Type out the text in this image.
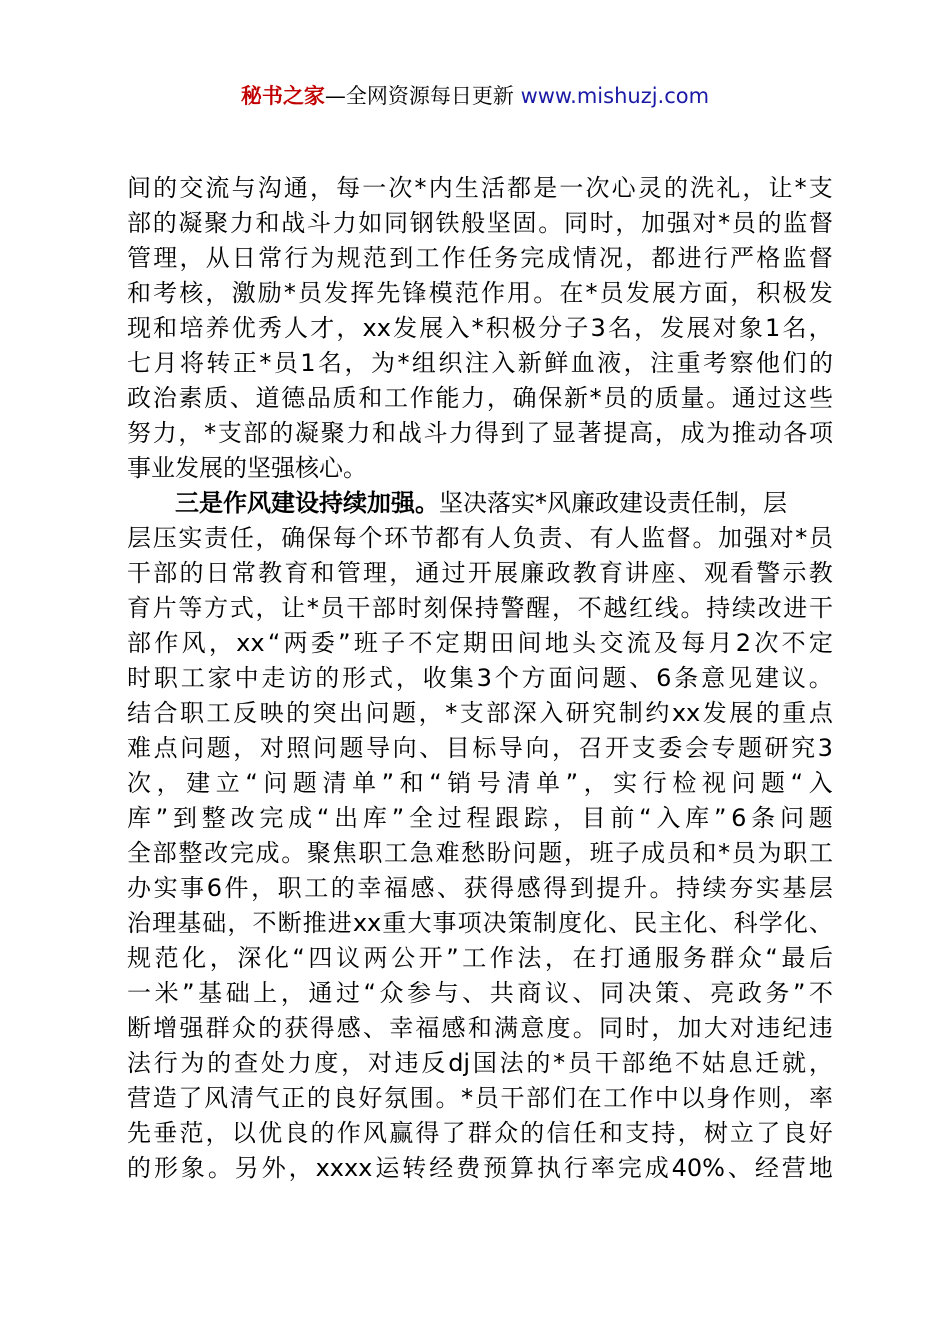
秘书之家—全网资源每日更新 www.mishuzj.com
间 的 交 流 与 沟 通 ， 每 一 次 * 内 生 活 都 是 一 次 心 灵 的 洗 礼 ， 让 * 支
部 的 凝 聚 力 和 战 斗 力 如 同 钢 铁 般 坚 固 。 同 时 ， 加 强 对 * 员 的 监 督
管 理 ， 从 日 常 行 为 规 范 到 工 作 任 务 完 成 情 况 ， 都 进 行 严 格 监 督
和 考 核 ， 激 励 * 员 发 挥 先 锋 模 范 作 用 。 在 * 员 发 展 方 面 ， 积 极 发
现 和 培 养 优 秀 人 才 ， xx 发 展 入 * 积 极 分 子 3 名 ， 发 展 对 象 1 名 ，
七 月 将 转 正 * 员 1 名 ， 为 * 组 织 注 入 新 鲜 血 液 ， 注 重 考 察 他 们 的
政 治 素 质 、 道 德 品 质 和 工 作 能 力 ， 确 保 新 * 员 的 质 量 。 通 过 这 些
努 力 ， * 支 部 的 凝 聚 力 和 战 斗 力 得 到 了 显 著 提 高 ， 成 为 推 动 各 项
事业发展的坚强核心。
三是作风建设持续加强。 坚决落实*风廉政建设责任制，层
层 压 实 责 任 ， 确 保 每 个 环 节 都 有 人 负 责 、 有 人 监 督 。 加 强 对 * 员
干 部 的 日 常 教 育 和 管 理 ， 通 过 开 展 廉 政 教 育 讲 座 、 观 看 警 示 教
育 片 等 方 式 ， 让 * 员 干 部 时 刻 保 持 警 醒 ， 不 越 红 线 。 持 续 改 进 干
部 作 风 ， xx “ 两 委 ” 班 子 不 定 期 田 间 地 头 交 流 及 每 月 2 次 不 定
时 职 工 家 中 走 访 的 形 式 ， 收 集 3 个 方 面 问 题 、 6 条 意 见 建 议 。
结 合 职 工 反 映 的 突 出 问 题 ， * 支 部 深 入 研 究 制 约 xx 发 展 的 重 点
难 点 问 题 ， 对 照 问 题 导 向 、 目 标 导 向 ， 召 开 支 委 会 专 题 研 究 3
次 ， 建 立 “ 问 题 清 单 ” 和 “ 销 号 清 单 ” ， 实 行 检 视 问 题 “ 入
库 ” 到 整 改 完 成 “ 出 库 ” 全 过 程 跟 踪 ， 目 前 “ 入 库 ” 6 条 问 题
全 部 整 改 完 成 。 聚 焦 职 工 急 难 愁 盼 问 题 ， 班 子 成 员 和 * 员 为 职 工
办 实 事 6 件 ， 职 工 的 幸 福 感 、 获 得 感 得 到 提 升 。 持 续 夯 实 基 层
治 理 基 础 ， 不 断 推 进 xx 重 大 事 项 决 策 制 度 化 、 民 主 化 、 科 学 化 、
规 范 化 ， 深 化 “ 四 议 两 公 开 ” 工 作 法 ， 在 打 通 服 务 群 众 “ 最 后
一 米 ” 基 础 上 ， 通 过 “ 众 参 与 、 共 商 议 、 同 决 策 、 亮 政 务 ” 不
断 增 强 群 众 的 获 得 感 、 幸 福 感 和 满 意 度 。 同 时 ， 加 大 对 违 纪 违
法 行 为 的 查 处 力 度 ， 对 违 反 dj 国 法 的 * 员 干 部 绝 不 姑 息 迁 就 ，
营 造 了 风 清 气 正 的 良 好 氛 围 。 * 员 干 部 们 在 工 作 中 以 身 作 则 ， 率
先 垂 范 ， 以 优 良 的 作 风 赢 得 了 群 众 的 信 任 和 支 持 ， 树 立 了 良 好
的 形 象 。 另 外 ， xxxx 运 转 经 费 预 算 执 行 率 完 成 40% 、 经 营 地
